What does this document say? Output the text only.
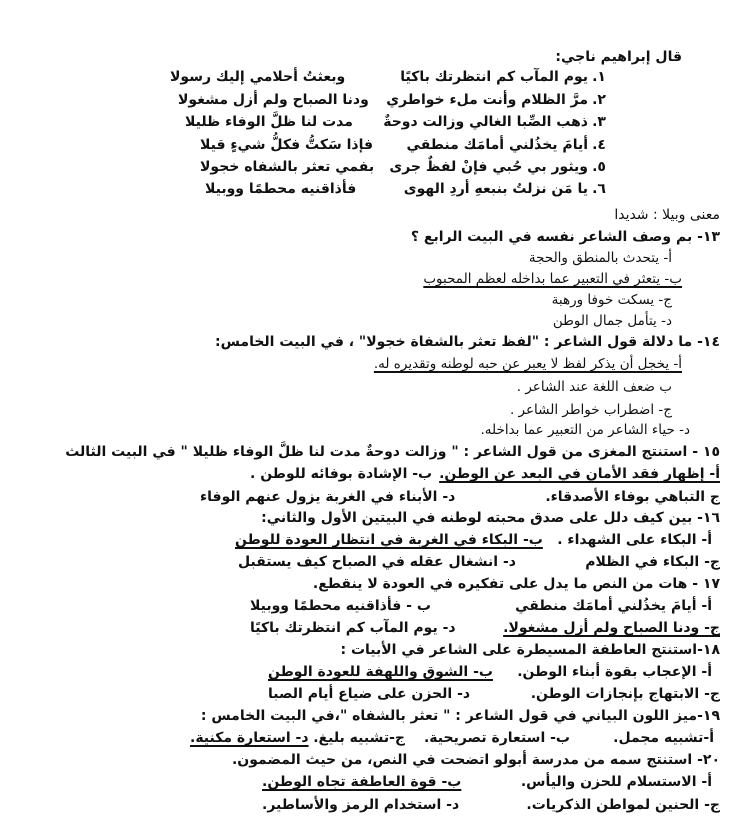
قال إبراهيم ناجي:
١.يوم المآب كم انتظرتك باكيًا
وبعثتُ أحلامي إليك رسولا
٢.مرَّ الظلام وأنت ملء خواطري
ودنا الصباح ولم أزل مشغولا
٣.ذهب الصِّبا الغالي وزالت دوحةٌ
مدت لنا ظلَّ الوفاء ظليلا
٤.أيامَ يخذُلني أمامَك منطقي
فإذا سَكتُّ فكلُّ شيءٍ قيلا
٥.ويثور بي حُبي فإنْ لفظٌ جرى
بفمي تعثر بالشفاه خجولا
٦.يا مَن نزلتُ بنبعهِ أردِ الهوى
فأذاقنيه محطمًا ووبيلا
معنى وبيلا : شديدا
١٣- بم وصف الشاعر نفسه في البيت الرابع ؟
أ- يتحدث بالمنطق والحجة
ب- يتعثر في التعبير عما بداخله لعظم المحبوب
ج- يسكت خوفا ورهبة
د- يتأمل جمال الوطن
١٤- ما دلالة قول الشاعر : "لفظ تعثر بالشفاة خجولا" ، في البيت الخامس:
أ- يخجل أن يذكر لفظ لا يعبر عن حبه لوطنه وتقديره له.
ب ضعف اللغة عند الشاعر .
ج- اضطراب خواطر الشاعر .
د- حياء الشاعر من التعبير عما بداخله.
١٥ - استنتج المغزى من قول الشاعر : " وزالت دوحةٌ مدت لنا ظلَّ الوفاء ظليلا " في البيت الثالث
أ- إظهار فقد الأمان في البعد عن الوطن.
ب- الإشادة بوفائه للوطن .
ج التباهي بوفاء الأصدقاء.
د- الأبناء في الغربة يزول عنهم الوفاء
١٦- بين كيف دلل على صدق محبته لوطنه في البيتين الأول والثاني:
أ- البكاء على الشهداء .
ب- البكاء في الغربة في انتظار العودة للوطن
ج- البكاء في الظلام
د- انشغال عقله في الصباح كيف يستقبل
١٧ - هات من النص ما يدل على تفكيره في العودة لا ينقطع.
أ- أيامَ يخذُلني أمامَك منطقي
ب - فأذاقنيه محطمًا ووبيلا
ج- ودنا الصباح ولم أزل مشغولا.
د- يوم المآب كم انتظرتك باكيًا
١٨-استنتج العاطفة المسيطرة على الشاعر في الأبيات :
أ- الإعجاب بقوة أبناء الوطن.
ب- الشوق واللهفة للعودة الوطن
ج- الابتهاج بإنجازات الوطن.
د- الحزن على ضياع أيام الصبا
١٩-ميز اللون البياني في قول الشاعر : " تعثر بالشفاه "،في البيت الخامس :
أ-تشبيه مجمل.
ب- استعارة تصريحية.
ج-تشبيه بليغ.
د- استعارة مكنية.
٢٠- استنتج سمه من مدرسة أبولو اتضحت في النص، من حيث المضمون.
أ- الاستسلام للحزن واليأس.
ب- قوة العاطفة تجاه الوطن.
ج- الحنين لمواطن الذكريات.
د- استخدام الرمز والأساطير.
